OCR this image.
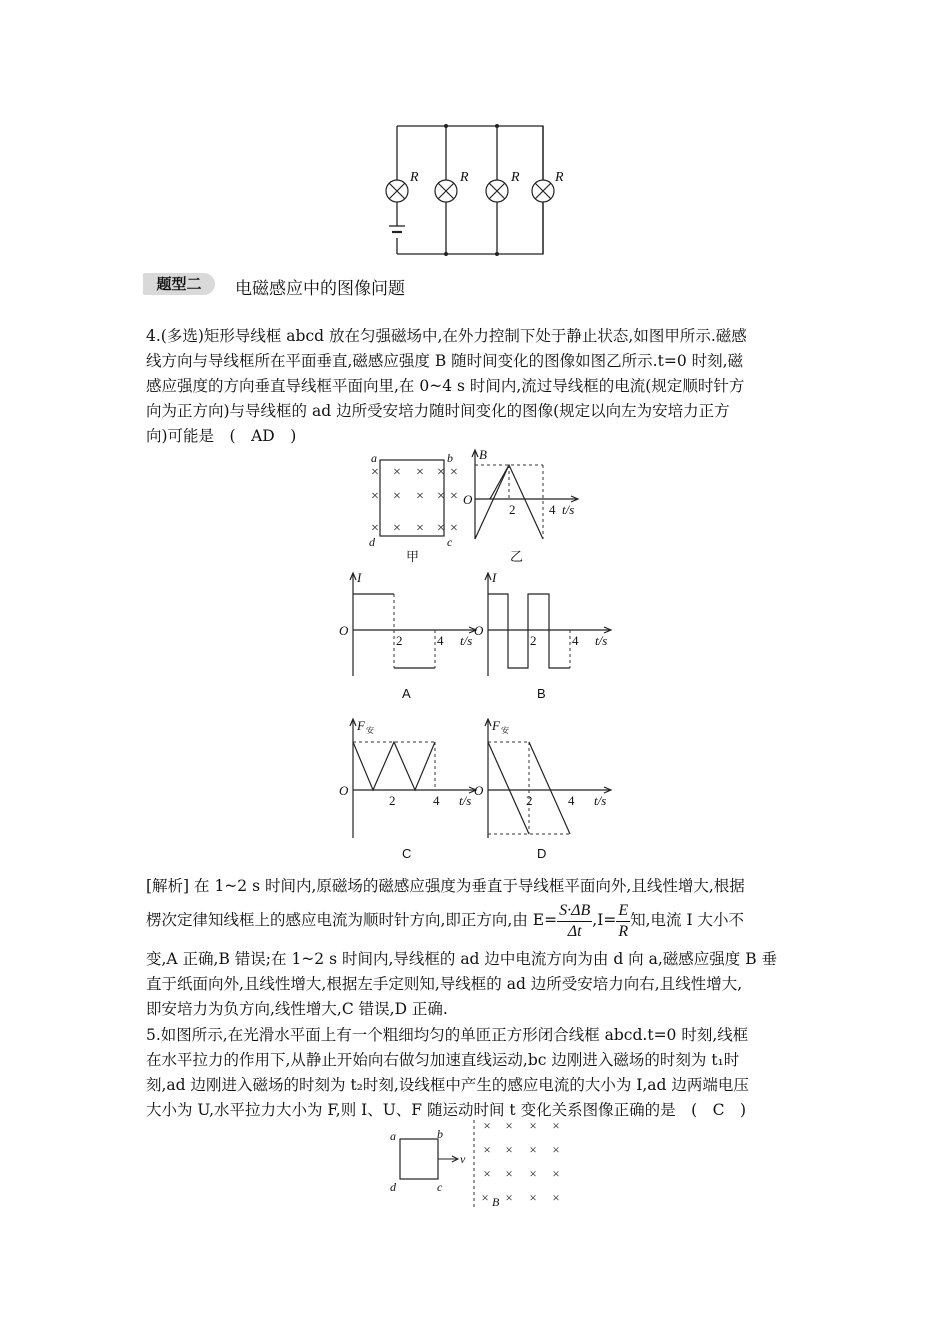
R	R	R	R
题型二	电磁感应中的图像问题
4.(多选)矩形导线框 abcd 放在匀强磁场中,在外力控制下处于静止状态,如图甲所示.磁感
线方向与导线框所在平面垂直,磁感应强度 B 随时间变化的图像如图乙所示.t=0 时刻,磁
感应强度的方向垂直导线框平面向里,在 0~4 s 时间内,流过导线框的电流(规定顺时针方
向为正方向)与导线框的 ad 边所受安培力随时间变化的图像(规定以向左为安培力正方
向)可能是　(　AD　)
× × × × ×
× × × × ×
× × × × ×
a	b
c
d
甲
B
O
2	4 t/s
乙
I
O
2	4 t/s
A
I
O
2	4 t/s
B
F 安
O
2	4 t/s
C
F 安
O
2	4 t/s
D
[解析] 在 1~2 s 时间内,原磁场的磁感应强度为垂直于导线框平面向外,且线性增大,根据
楞次定律知线框上的感应电流为顺时针方向,即正方向,由 $E= \frac{S\cdot\Delta B}{\Delta t} ,I= \frac{E}{R}$ 知,电流 I 大小不
变,A 正确,B 错误;在 1~2 s 时间内,导线框的 ad 边中电流方向为由 d 向 a,磁感应强度 B 垂
直于纸面向外,且线性增大,根据左手定则知,导线框的 ad 边所受安培力向右,且线性增大,
即安培力为负方向,线性增大,C 错误,D 正确.
5.如图所示,在光滑水平面上有一个粗细均匀的单匝正方形闭合线框 abcd.t=0 时刻,线框
在水平拉力的作用下,从静止开始向右做匀加速直线运动,bc 边刚进入磁场的时刻为 t₁时
刻,ad 边刚进入磁场的时刻为 t₂时刻,设线框中产生的感应电流的大小为 I,ad 边两端电压
大小为 U,水平拉力大小为 F,则 I、U、F 随运动时间 t 变化关系图像正确的是　(　C　)
× × × ×
× × × ×
× × × ×
× × × ×
a	b
c
d
v
B
